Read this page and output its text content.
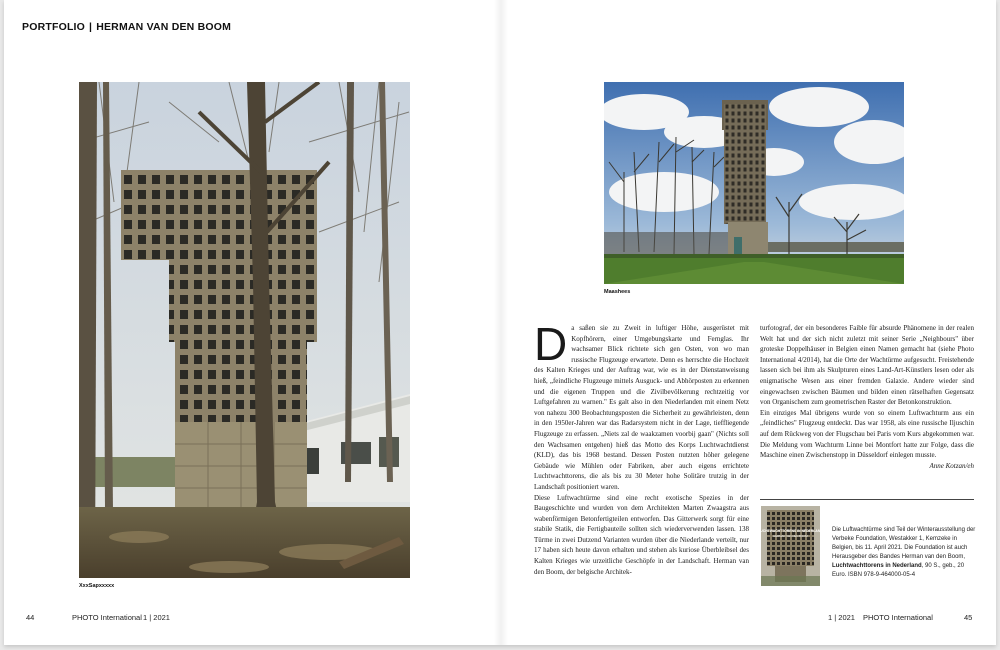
PORTFOLIO | HERMAN VAN DEN BOOM
XxxSapxxxxx
Maashees
D a saßen sie zu Zweit in luftiger Höhe, ausgerüstet mit Kopfhörern, einer Umgebungskarte und Fernglas. Ihr wachsamer Blick richtete sich gen Osten, von wo man russische Flugzeuge erwartete. Denn es herrschte die Hochzeit des Kalten Krieges und der Auftrag war, wie es in der Dienstanweisung hieß, „feindliche Flugzeuge mittels Ausguck- und Abhörposten zu erkennen und die eigenen Truppen und die Zivilbevölkerung rechtzeitig vor Luftgefahren zu warnen." Es galt also in den Niederlanden mit einem Netz von nahezu 300 Beobachtungsposten die Sicherheit zu gewährleisten, denn in den 1950er-Jahren war das Radarsystem nicht in der Lage, tieffliegende Flugzeuge zu erfassen. „Niets zal de waakzamen voorbij gaan" (Nichts soll den Wachsamen entgehen) hieß das Motto des Korps Luchtwachtdienst (KLD), das bis 1968 bestand. Dessen Posten nutzten höher gelegene Gebäude wie Mühlen oder Fabriken, aber auch eigens errichtete Luchtwachttorens, die als bis zu 30 Meter hohe Solitäre trutzig in der Landschaft positioniert waren.

Diese Luftwachtürme sind eine recht exotische Spezies in der Baugeschichte und wurden von dem Architekten Marten Zwaagstra aus wabenförmigen Betonfertigteilen entworfen. Das Gitterwerk sorgt für eine stabile Statik, die Fertigbauteile sollten sich wiederverwenden lassen. 138 Türme in zwei Dutzend Varianten wurden über die Niederlande verteilt, nur 17 haben sich heute davon erhalten und stehen als kuriose Überbleibsel des Kalten Krieges wie urzeitliche Geschöpfe in der Landschaft. Herman van den Boom, der belgische Architek-

turfotograf, der ein besonderes Faible für absurde Phänomene in der realen Welt hat und der sich nicht zuletzt mit seiner Serie „Neighbours" über groteske Doppelhäuser in Belgien einen Namen gemacht hat (siehe Photo International 4/2014), hat die Orte der Wachtürme aufgesucht. Freistehende lassen sich bei ihm als Skulpturen eines Land-Art-Künstlers lesen oder als enigmatische Wesen aus einer fremden Galaxie. Andere wieder sind eingewachsen zwischen Bäumen und bilden einen rätselhaften Gegensatz von Organischem zum geometrischen Raster der Betonkonstruktion.

Ein einziges Mal übrigens wurde von so einem Luftwachturm aus ein „feindliches" Flugzeug entdeckt. Das war 1958, als eine russische Iljuschin auf dem Rückweg von der Flugschau bei Paris vom Kurs abgekommen war. Die Meldung vom Wachturm Linne bei Montfort hatte zur Folge, dass die Maschine einen Zwischenstopp in Düsseldorf einlegen musste.

Anne Kotzan/eh

LUCHTWACHTTORENS IN NEDERLAND
HERMAN VAN DEN BOOM
Die Luftwachtürme sind Teil der Winterausstellung der Verbeke Foundation, Westakker 1, Kemzeke in Belgien, bis 11. April 2021. Die Foundation ist auch Herausgeber des Bandes Herman van den Boom, Luchtwachttorens in Nederland, 90 S., geb., 20 Euro. ISBN 978-9-464000-05-4
44	PHOTO International 1 | 2021	1 | 2021 PHOTO International	45
